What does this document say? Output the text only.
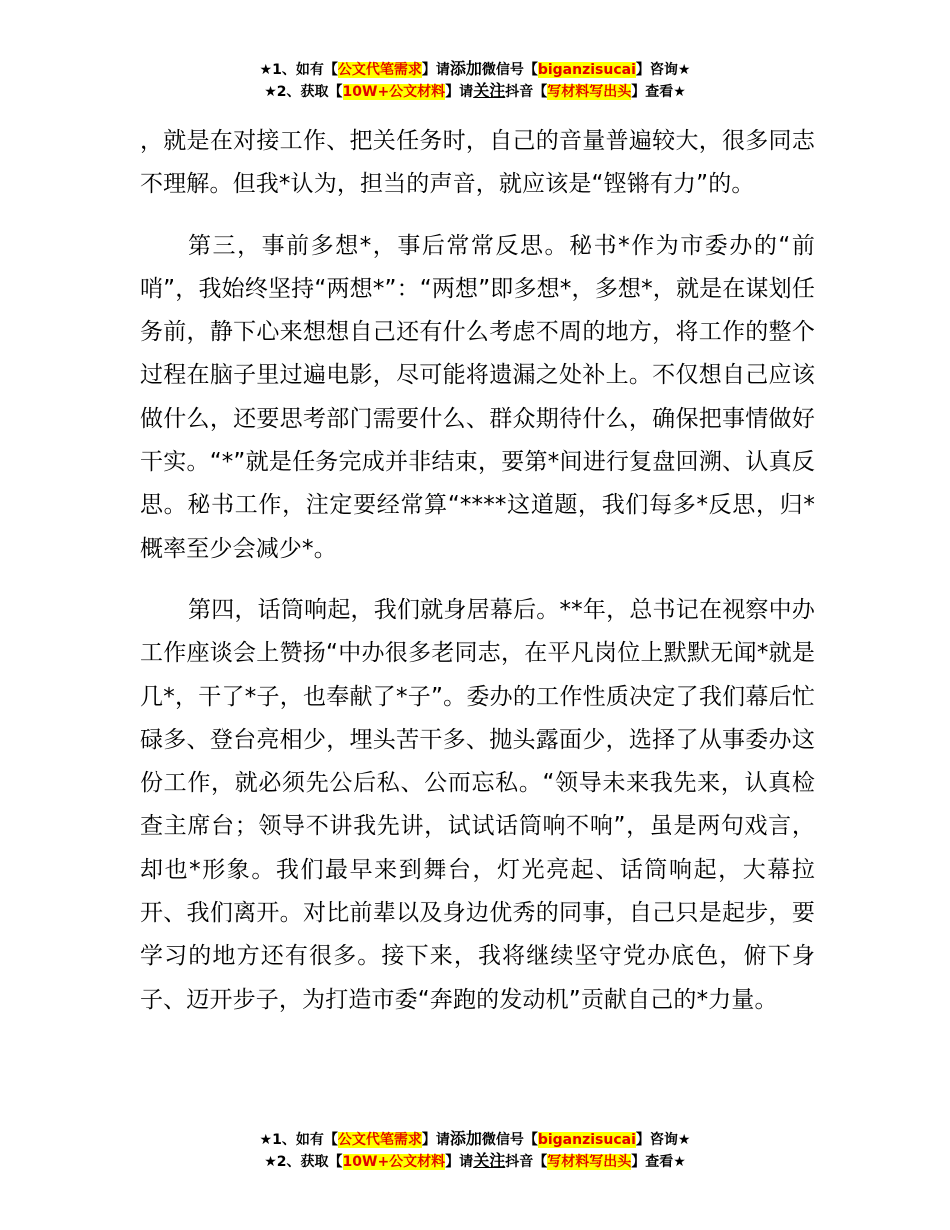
★1、如有【公文代笔需求】请添加微信号【biganzisucai】咨询★
★2、获取【10W+公文材料】请关注抖音【写材料写出头】查看★

，就是在对接工作、把关任务时，自己的音量普遍较大，很多同志不理解。但我*认为，担当的声音，就应该是“铿锵有力”的。

第三，事前多想*，事后常常反思。秘书*作为市委办的“前哨”，我始终坚持“两想*”：“两想”即多想*，多想*，就是在谋划任务前，静下心来想想自己还有什么考虑不周的地方，将工作的整个过程在脑子里过遍电影，尽可能将遗漏之处补上。不仅想自己应该做什么，还要思考部门需要什么、群众期待什么，确保把事情做好干实。“*”就是任务完成并非结束，要第*间进行复盘回溯、认真反思。秘书工作，注定要经常算“****这道题，我们每多*反思，归*概率至少会减少*。

第四，话筒响起，我们就身居幕后。**年，总书记在视察中办工作座谈会上赞扬“中办很多老同志，在平凡岗位上默默无闻*就是几*，干了*子，也奉献了*子”。委办的工作性质决定了我们幕后忙碌多、登台亮相少，埋头苦干多、抛头露面少，选择了从事委办这份工作，就必须先公后私、公而忘私。“领导未来我先来，认真检查主席台；领导不讲我先讲，试试话筒响不响”，虽是两句戏言，却也*形象。我们最早来到舞台，灯光亮起、话筒响起，大幕拉开、我们离开。对比前辈以及身边优秀的同事，自己只是起步，要学习的地方还有很多。接下来，我将继续坚守党办底色，俯下身子、迈开步子，为打造市委“奔跑的发动机”贡献自己的*力量。

★1、如有【公文代笔需求】请添加微信号【biganzisucai】咨询★
★2、获取【10W+公文材料】请关注抖音【写材料写出头】查看★
